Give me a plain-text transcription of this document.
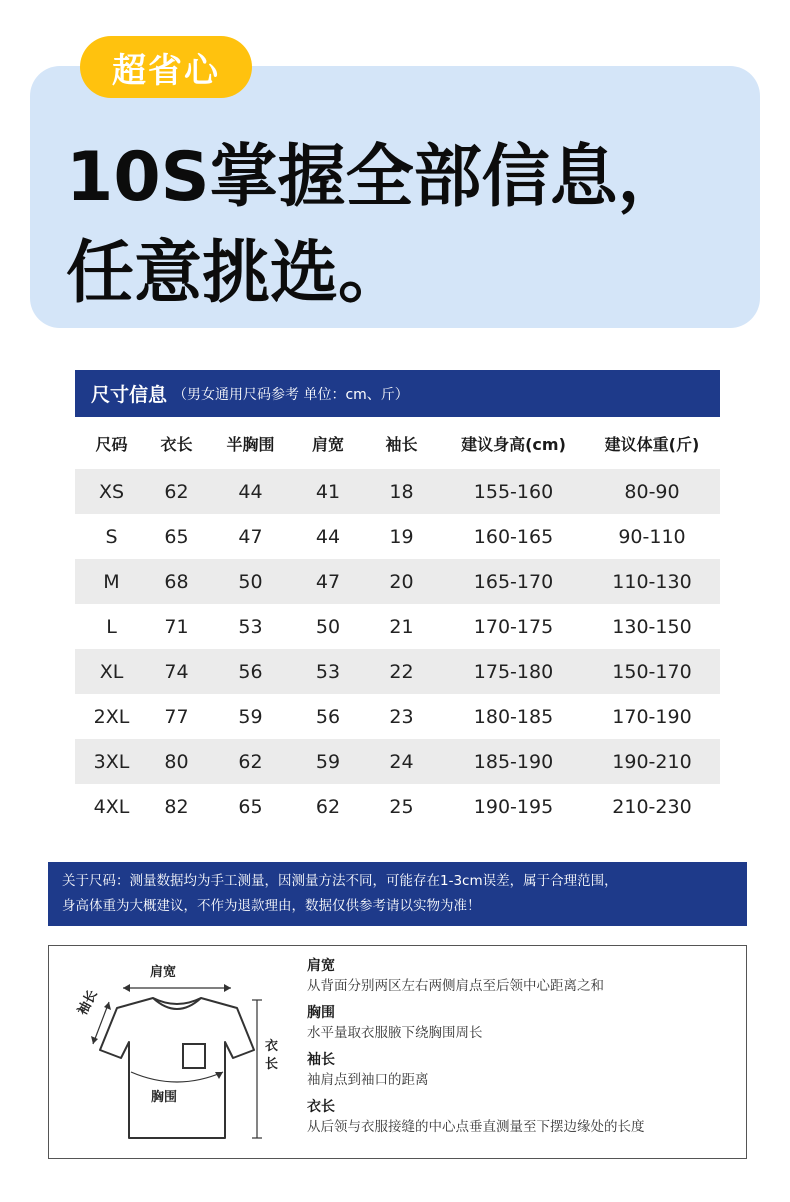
超省心
10S掌握全部信息，
任意挑选。
尺寸信息 （男女通用尺码参考 单位：cm、斤）
尺码	衣长	半胸围	肩宽	袖长	建议身高(cm)	建议体重(斤)
XS	62	44	41	18	155-160	80-90
S	65	47	44	19	160-165	90-110
M	68	50	47	20	165-170	110-130
L	71	53	50	21	170-175	130-150
XL	74	56	53	22	175-180	150-170
2XL	77	59	56	23	180-185	170-190
3XL	80	62	59	24	185-190	190-210
4XL	82	65	62	25	190-195	210-230
关于尺码：测量数据均为手工测量，因测量方法不同，可能存在1-3cm误差，属于合理范围，
身高体重为大概建议，不作为退款理由，数据仅供参考请以实物为准！
肩宽
袖长
胸围
衣长
肩宽
从背面分别两区左右两侧肩点至后领中心距离之和
胸围
水平量取衣服腋下绕胸围周长
袖长
袖肩点到袖口的距离
衣长
从后领与衣服接缝的中心点垂直测量至下摆边缘处的长度
